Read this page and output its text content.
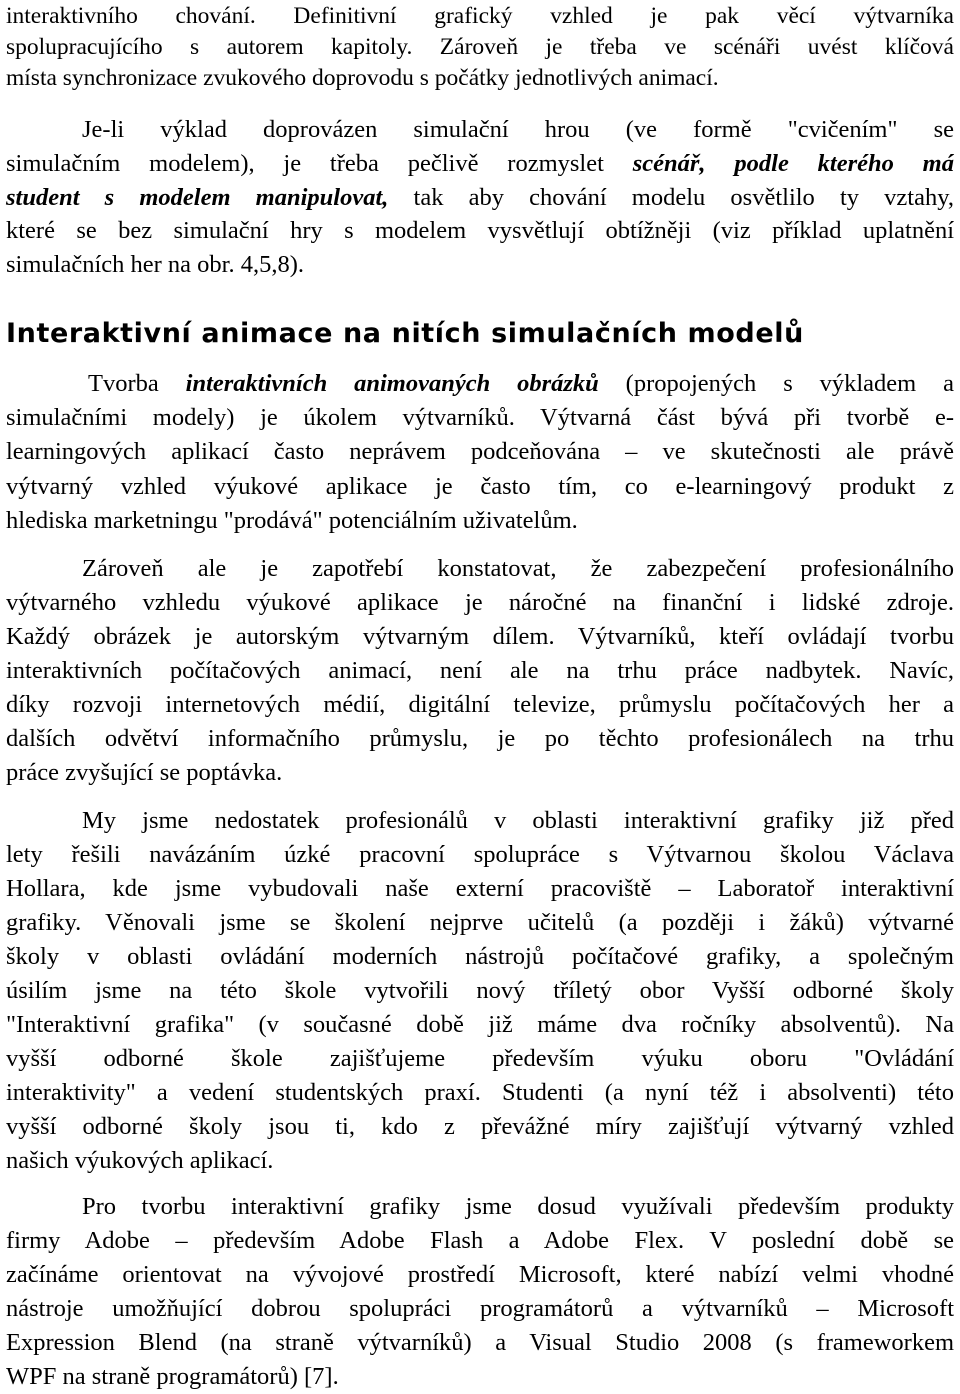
interaktivního chování. Definitivní grafický vzhled je pak věcí výtvarníka
spolupracujícího s autorem kapitoly. Zároveň je třeba ve scénáři uvést klíčová
místa synchronizace zvukového doprovodu s počátky jednotlivých animací.
Je-li výklad doprovázen simulační hrou (ve formě "cvičením" se
simulačním modelem), je třeba pečlivě rozmyslet scénář, podle kterého má
student s modelem manipulovat, tak aby chování modelu osvětlilo ty vztahy,
které se bez simulační hry s modelem vysvětlují obtížněji (viz příklad uplatnění
simulačních her na obr. 4,5,8).
Interaktivní animace na nitích simulačních modelů
Tvorba interaktivních animovaných obrázků (propojených s výkladem a
simulačními modely) je úkolem výtvarníků. Výtvarná část bývá při tvorbě e-
learningových aplikací často neprávem podceňována – ve skutečnosti ale právě
výtvarný vzhled výukové aplikace je často tím, co e-learningový produkt z
hlediska marketningu "prodává" potenciálním uživatelům.
Zároveň ale je zapotřebí konstatovat, že zabezpečení profesionálního
výtvarného vzhledu výukové aplikace je náročné na finanční i lidské zdroje.
Každý obrázek je autorským výtvarným dílem. Výtvarníků, kteří ovládají tvorbu
interaktivních počítačových animací, není ale na trhu práce nadbytek. Navíc,
díky rozvoji internetových médií, digitální televize, průmyslu počítačových her a
dalších odvětví informačního průmyslu, je po těchto profesionálech na trhu
práce zvyšující se poptávka.
My jsme nedostatek profesionálů v oblasti interaktivní grafiky již před
lety řešili navázáním úzké pracovní spolupráce s Výtvarnou školou Václava
Hollara, kde jsme vybudovali naše externí pracoviště – Laboratoř interaktivní
grafiky. Věnovali jsme se školení nejprve učitelů (a později i žáků) výtvarné
školy v oblasti ovládání moderních nástrojů počítačové grafiky, a společným
úsilím jsme na této škole vytvořili nový tříletý obor Vyšší odborné školy
"Interaktivní grafika" (v současné době již máme dva ročníky absolventů). Na
vyšší odborné škole zajišťujeme především výuku oboru "Ovládání
interaktivity" a vedení studentských praxí. Studenti (a nyní též i absolventi) této
vyšší odborné školy jsou ti, kdo z převážné míry zajišťují výtvarný vzhled
našich výukových aplikací.
Pro tvorbu interaktivní grafiky jsme dosud využívali především produkty
firmy Adobe – především Adobe Flash a Adobe Flex. V poslední době se
začínáme orientovat na vývojové prostředí Microsoft, které nabízí velmi vhodné
nástroje umožňující dobrou spolupráci programátorů a výtvarníků – Microsoft
Expression Blend (na straně výtvarníků) a Visual Studio 2008 (s frameworkem
WPF na straně programátorů) [7].
